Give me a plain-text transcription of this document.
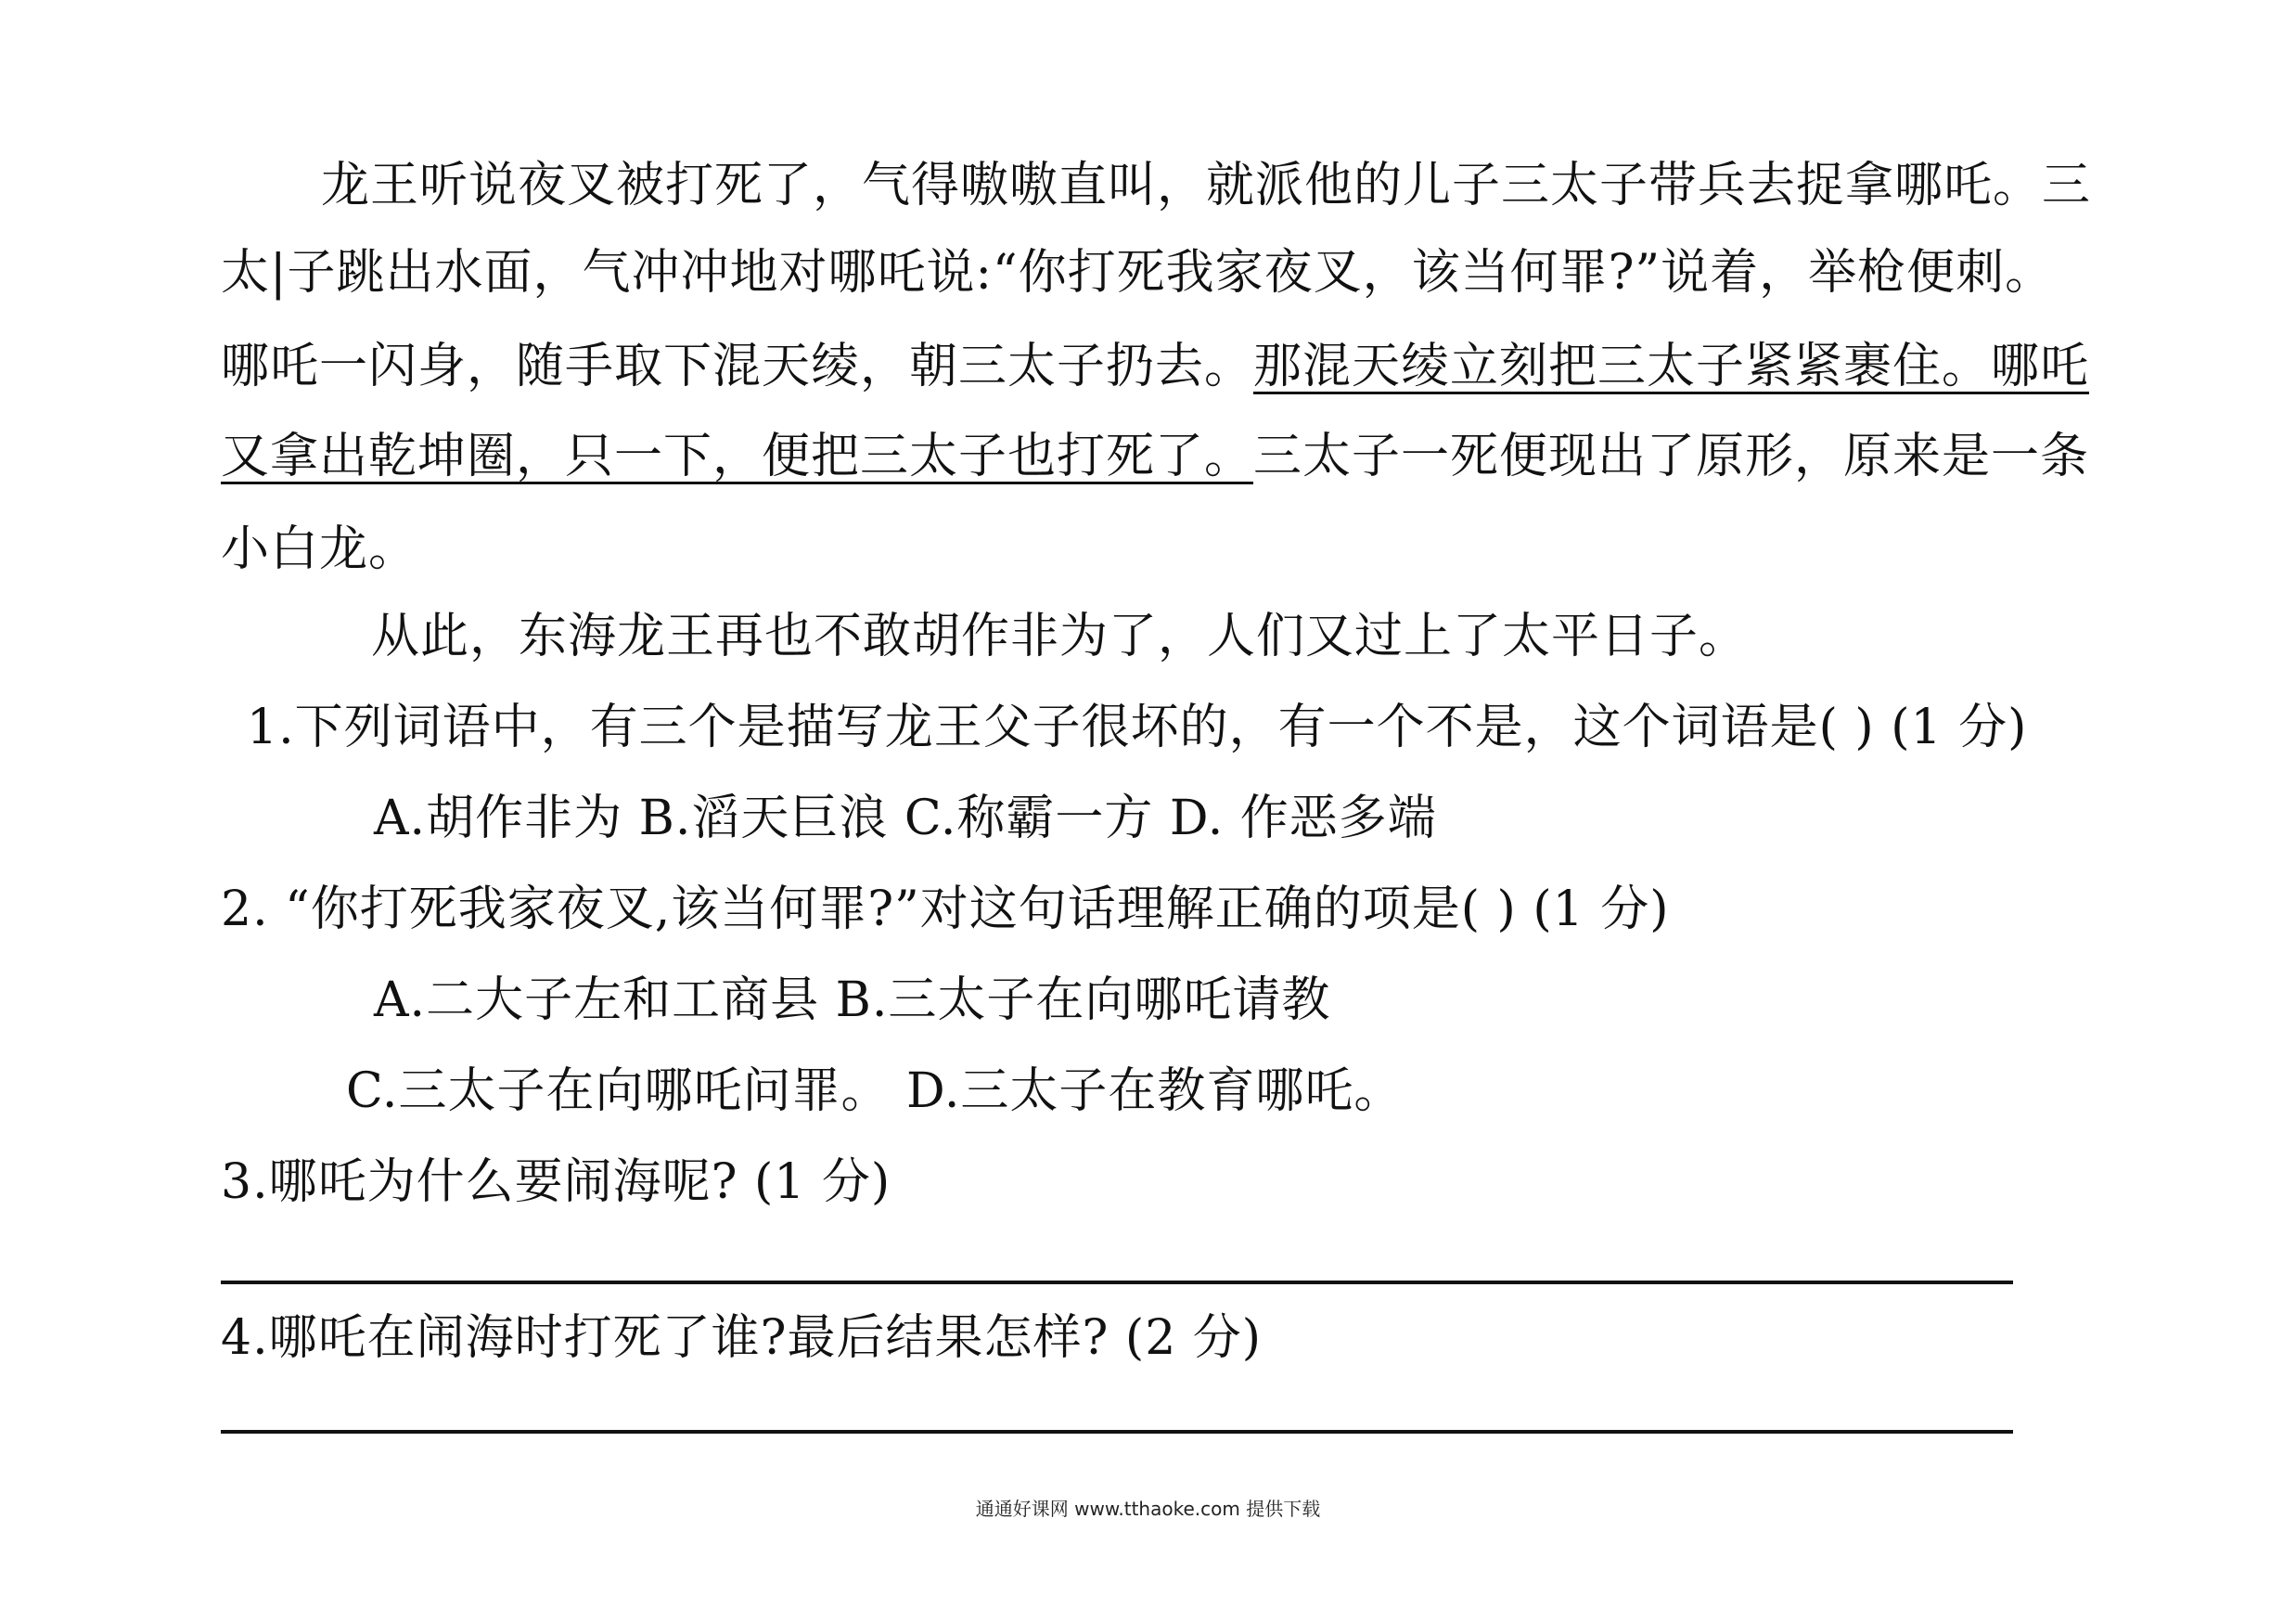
龙王听说夜叉被打死了，气得嗷嗷直叫，就派他的儿子三太子带兵去捉拿哪吒。三
太|子跳出水面，气冲冲地对哪吒说:“你打死我家夜叉，该当何罪?”说着，举枪便刺。
哪吒一闪身，随手取下混天绫，朝三太子扔去。那混天绫立刻把三太子紧紧裹住。哪吒
又拿出乾坤圈，只一下，便把三太子也打死了。三太子一死便现出了原形，原来是一条
小白龙。
从此，东海龙王再也不敢胡作非为了，人们又过上了太平日子。
1.下列词语中，有三个是描写龙王父子很坏的，有一个不是，这个词语是( ) (1 分)
A.胡作非为 B.滔天巨浪 C.称霸一方 D. 作恶多端
2. “你打死我家夜叉,该当何罪?”对这句话理解正确的项是( ) (1 分)
A.二大子左和工商县 B.三太子在向哪吒请教
C.三太子在向哪吒问罪。 D.三太子在教育哪吒。
3.哪吒为什么要闹海呢? (1 分)
4.哪吒在闹海时打死了谁?最后结果怎样? (2 分)
通通好课网 www.tthaoke.com 提供下载
